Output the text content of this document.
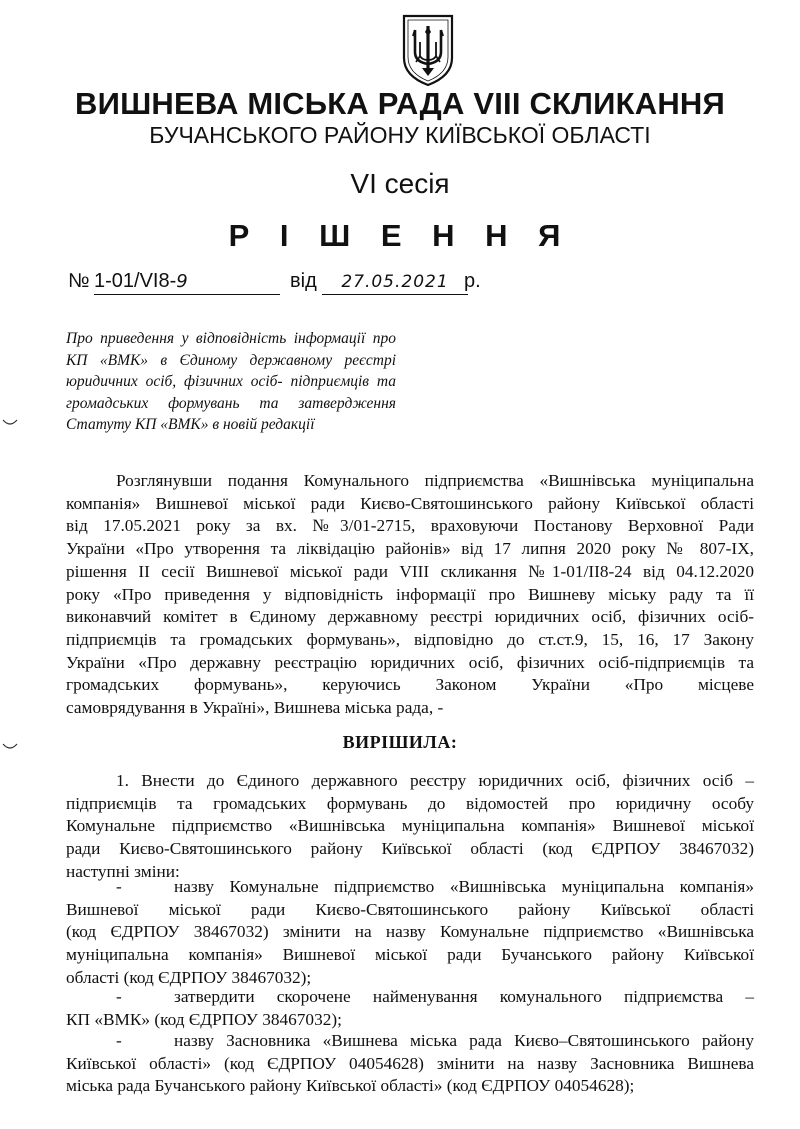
ВИШНЕВА МІСЬКА РАДА VIII СКЛИКАННЯ
БУЧАНСЬКОГО РАЙОНУ КИЇВСЬКОЇ ОБЛАСТІ
VI сесія
Р І Ш Е Н Н Я
№ 1-01/VI8-9	від	27.05.2021 р.
Про приведення у відповідність інформації про КП «ВМК» в Єдиному державному реєстрі юридичних осіб, фізичних осіб- підприємців та громадських формувань та затвердження Статуту КП «ВМК» в новій редакції
Розглянувши подання Комунального підприємства «Вишнівська муніципальна
компанія» Вишневої міської ради Києво-Святошинського району Київської області
від 17.05.2021 року за вх. №3/01-2715, враховуючи Постанову Верховної Ради
України «Про утворення та ліквідацію районів» від 17 липня 2020 року № 807-ІХ,
рішення ІІ сесії Вишневої міської ради VIII скликання №1-01/ІІ8-24 від 04.12.2020
року «Про приведення у відповідність інформації про Вишневу міську раду та її
виконавчий комітет в Єдиному державному реєстрі юридичних осіб, фізичних осіб-
підприємців та громадських формувань», відповідно до ст.ст.9, 15, 16, 17 Закону
України «Про державну реєстрацію юридичних осіб, фізичних осіб-підприємців та
громадських формувань», керуючись Законом України «Про місцеве
самоврядування в Україні», Вишнева міська рада, -
ВИРІШИЛА:
1. Внести до Єдиного державного реєстру юридичних осіб, фізичних осіб –
підприємців та громадських формувань до відомостей про юридичну особу
Комунальне підприємство «Вишнівська муніципальна компанія» Вишневої міської
ради Києво-Святошинського району Київської області (код ЄДРПОУ 38467032)
наступні зміни:
-	назву Комунальне підприємство «Вишнівська муніципальна компанія»
Вишневої міської ради Києво-Святошинського району Київської області
(код ЄДРПОУ 38467032) змінити на назву Комунальне підприємство «Вишнівська
муніципальна компанія» Вишневої міської ради Бучанського району Київської
області (код ЄДРПОУ 38467032);
-	затвердити скорочене найменування комунального підприємства –
КП «ВМК» (код ЄДРПОУ 38467032);
-	назву Засновника «Вишнева міська рада Києво–Святошинського району
Київської області» (код ЄДРПОУ 04054628) змінити на назву Засновника Вишнева
міська рада Бучанського району Київської області» (код ЄДРПОУ 04054628);
